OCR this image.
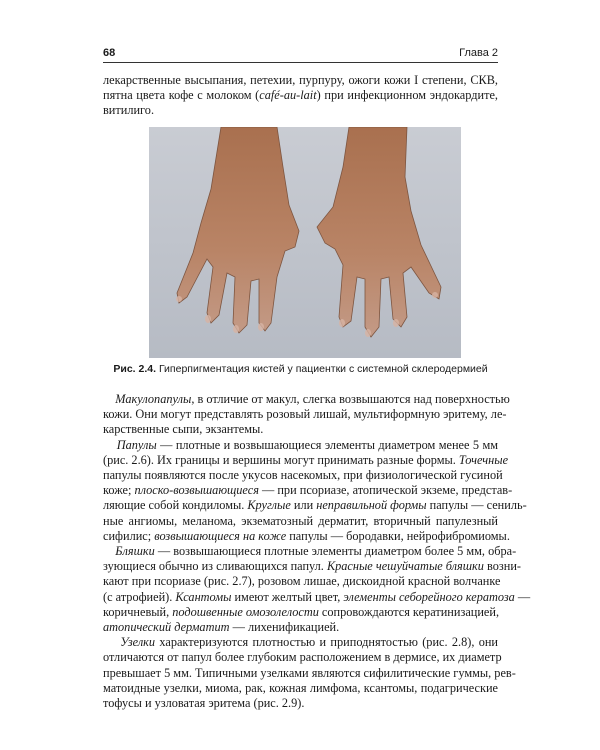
68	Глава 2
лекарственные высыпания, петехии, пурпуру, ожоги кожи I степени, СКВ,
пятна цвета кофе с молоком (café-au-lait) при инфекционном эндокардите,
витилиго.
Рис. 2.4. Гиперпигментация кистей у пациентки с системной склеродермией
Макулопапулы, в отличие от макул, слегка возвышаются над поверхностью
кожи. Они могут представлять розовый лишай, мультиформную эритему, ле-
карственные сыпи, экзантемы.
Папулы — плотные и возвышающиеся элементы диаметром менее 5 мм
(рис. 2.6). Их границы и вершины могут принимать разные формы. Точечные
папулы появляются после укусов насекомых, при физиологической гусиной
коже; плоско-возвышающиеся — при псориазе, атопической экземе, представ-
ляющие собой кондиломы. Круглые или неправильной формы папулы — сениль-
ные ангиомы, меланома, экзематозный дерматит, вторичный папулезный
сифилис; возвышающиеся на коже папулы — бородавки, нейрофибромиомы.
Бляшки — возвышающиеся плотные элементы диаметром более 5 мм, обра-
зующиеся обычно из сливающихся папул. Красные чешуйчатые бляшки возни-
кают при псориазе (рис. 2.7), розовом лишае, дискоидной красной волчанке
(с атрофией). Ксантомы имеют желтый цвет, элементы себорейного кератоза —
коричневый, подошвенные омозолелости сопровождаются кератинизацией,
атопический дерматит — лихенификацией.
Узелки характеризуются плотностью и приподнятостью (рис. 2.8), они
отличаются от папул более глубоким расположением в дермисе, их диаметр
превышает 5 мм. Типичными узелками являются сифилитические гуммы, рев-
матоидные узелки, миома, рак, кожная лимфома, ксантомы, подагрические
тофусы и узловатая эритема (рис. 2.9).
